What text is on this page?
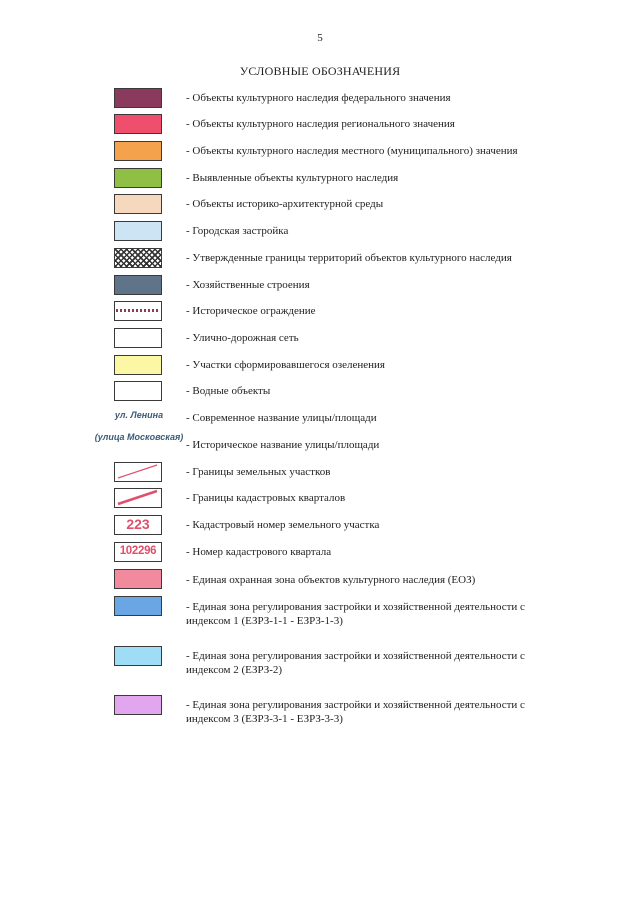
5
УСЛОВНЫЕ ОБОЗНАЧЕНИЯ
- Объекты культурного наследия федерального значения
- Объекты культурного наследия регионального значения
- Объекты культурного наследия местного (муниципального) значения
- Выявленные объекты культурного наследия
- Объекты историко-архитектурной среды
- Городская застройка
- Утвержденные границы территорий объектов культурного наследия
- Хозяйственные строения
- Историческое ограждение
- Улично-дорожная сеть
- Участки сформировавшегося озеленения
- Водные объекты
ул. Ленина	- Современное название улицы/площади
(улица Московская)
- Историческое название улицы/площади
- Границы земельных участков
- Границы кадастровых кварталов
223	- Кадастровый номер земельного участка
102296	- Номер кадастрового квартала
- Единая охранная зона объектов культурного наследия (ЕОЗ)
- Единая зона регулирования застройки и хозяйственной деятельности с
индексом 1 (ЕЗРЗ-1-1 - ЕЗРЗ-1-3)
- Единая зона регулирования застройки и хозяйственной деятельности с
индексом 2 (ЕЗРЗ-2)
- Единая зона регулирования застройки и хозяйственной деятельности с
индексом 3 (ЕЗРЗ-3-1 - ЕЗРЗ-3-3)
